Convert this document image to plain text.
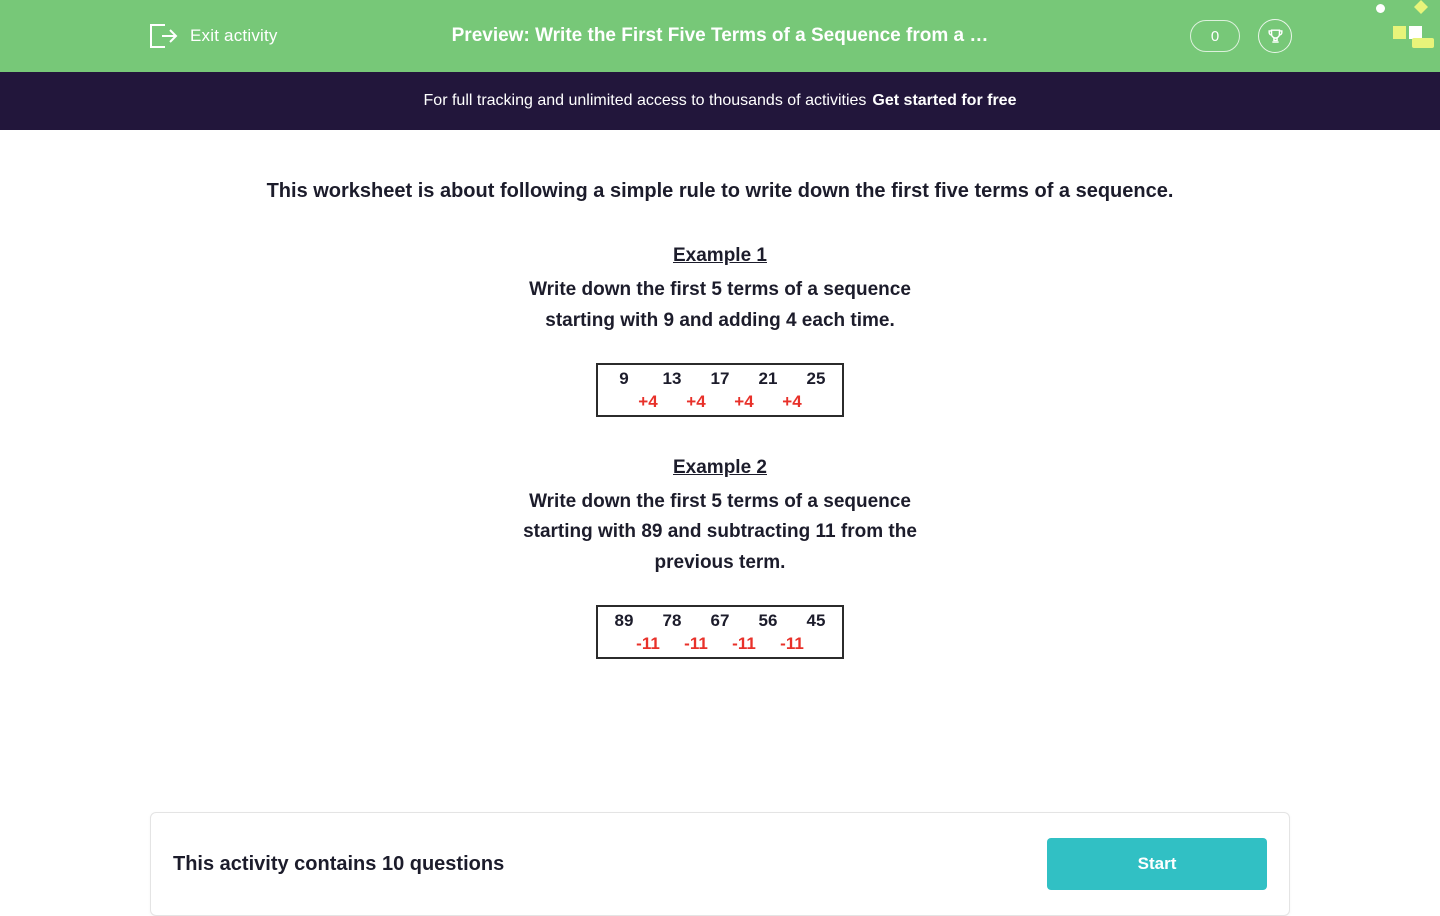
Exit activity	Preview: Write the First Five Terms of a Sequence from a …	0
For full tracking and unlimited access to thousands of activities Get started for free
This worksheet is about following a simple rule to write down the first five terms of a sequence.
Example 1
Write down the first 5 terms of a sequence
starting with 9 and adding 4 each time.
9	13	17	21	25
+4	+4	+4	+4
Example 2
Write down the first 5 terms of a sequence
starting with 89 and subtracting 11 from the previous term.
89	78	67	56	45
-11	-11	-11	-11
This activity contains 10 questions	Start
